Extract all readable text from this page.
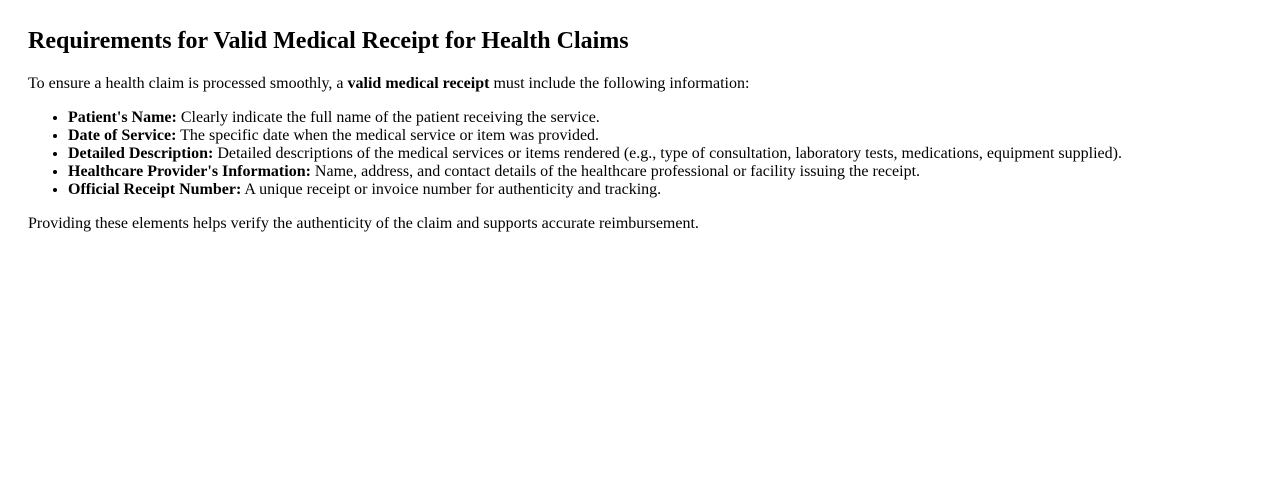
Requirements for Valid Medical Receipt for Health Claims

To ensure a health claim is processed smoothly, a valid medical receipt must include the following information:

• Patient's Name: Clearly indicate the full name of the patient receiving the service.
• Date of Service: The specific date when the medical service or item was provided.
• Detailed Description: Detailed descriptions of the medical services or items rendered (e.g., type of consultation, laboratory tests, medications, equipment supplied).
• Healthcare Provider's Information: Name, address, and contact details of the healthcare professional or facility issuing the receipt.
• Official Receipt Number: A unique receipt or invoice number for authenticity and tracking.

Providing these elements helps verify the authenticity of the claim and supports accurate reimbursement.
